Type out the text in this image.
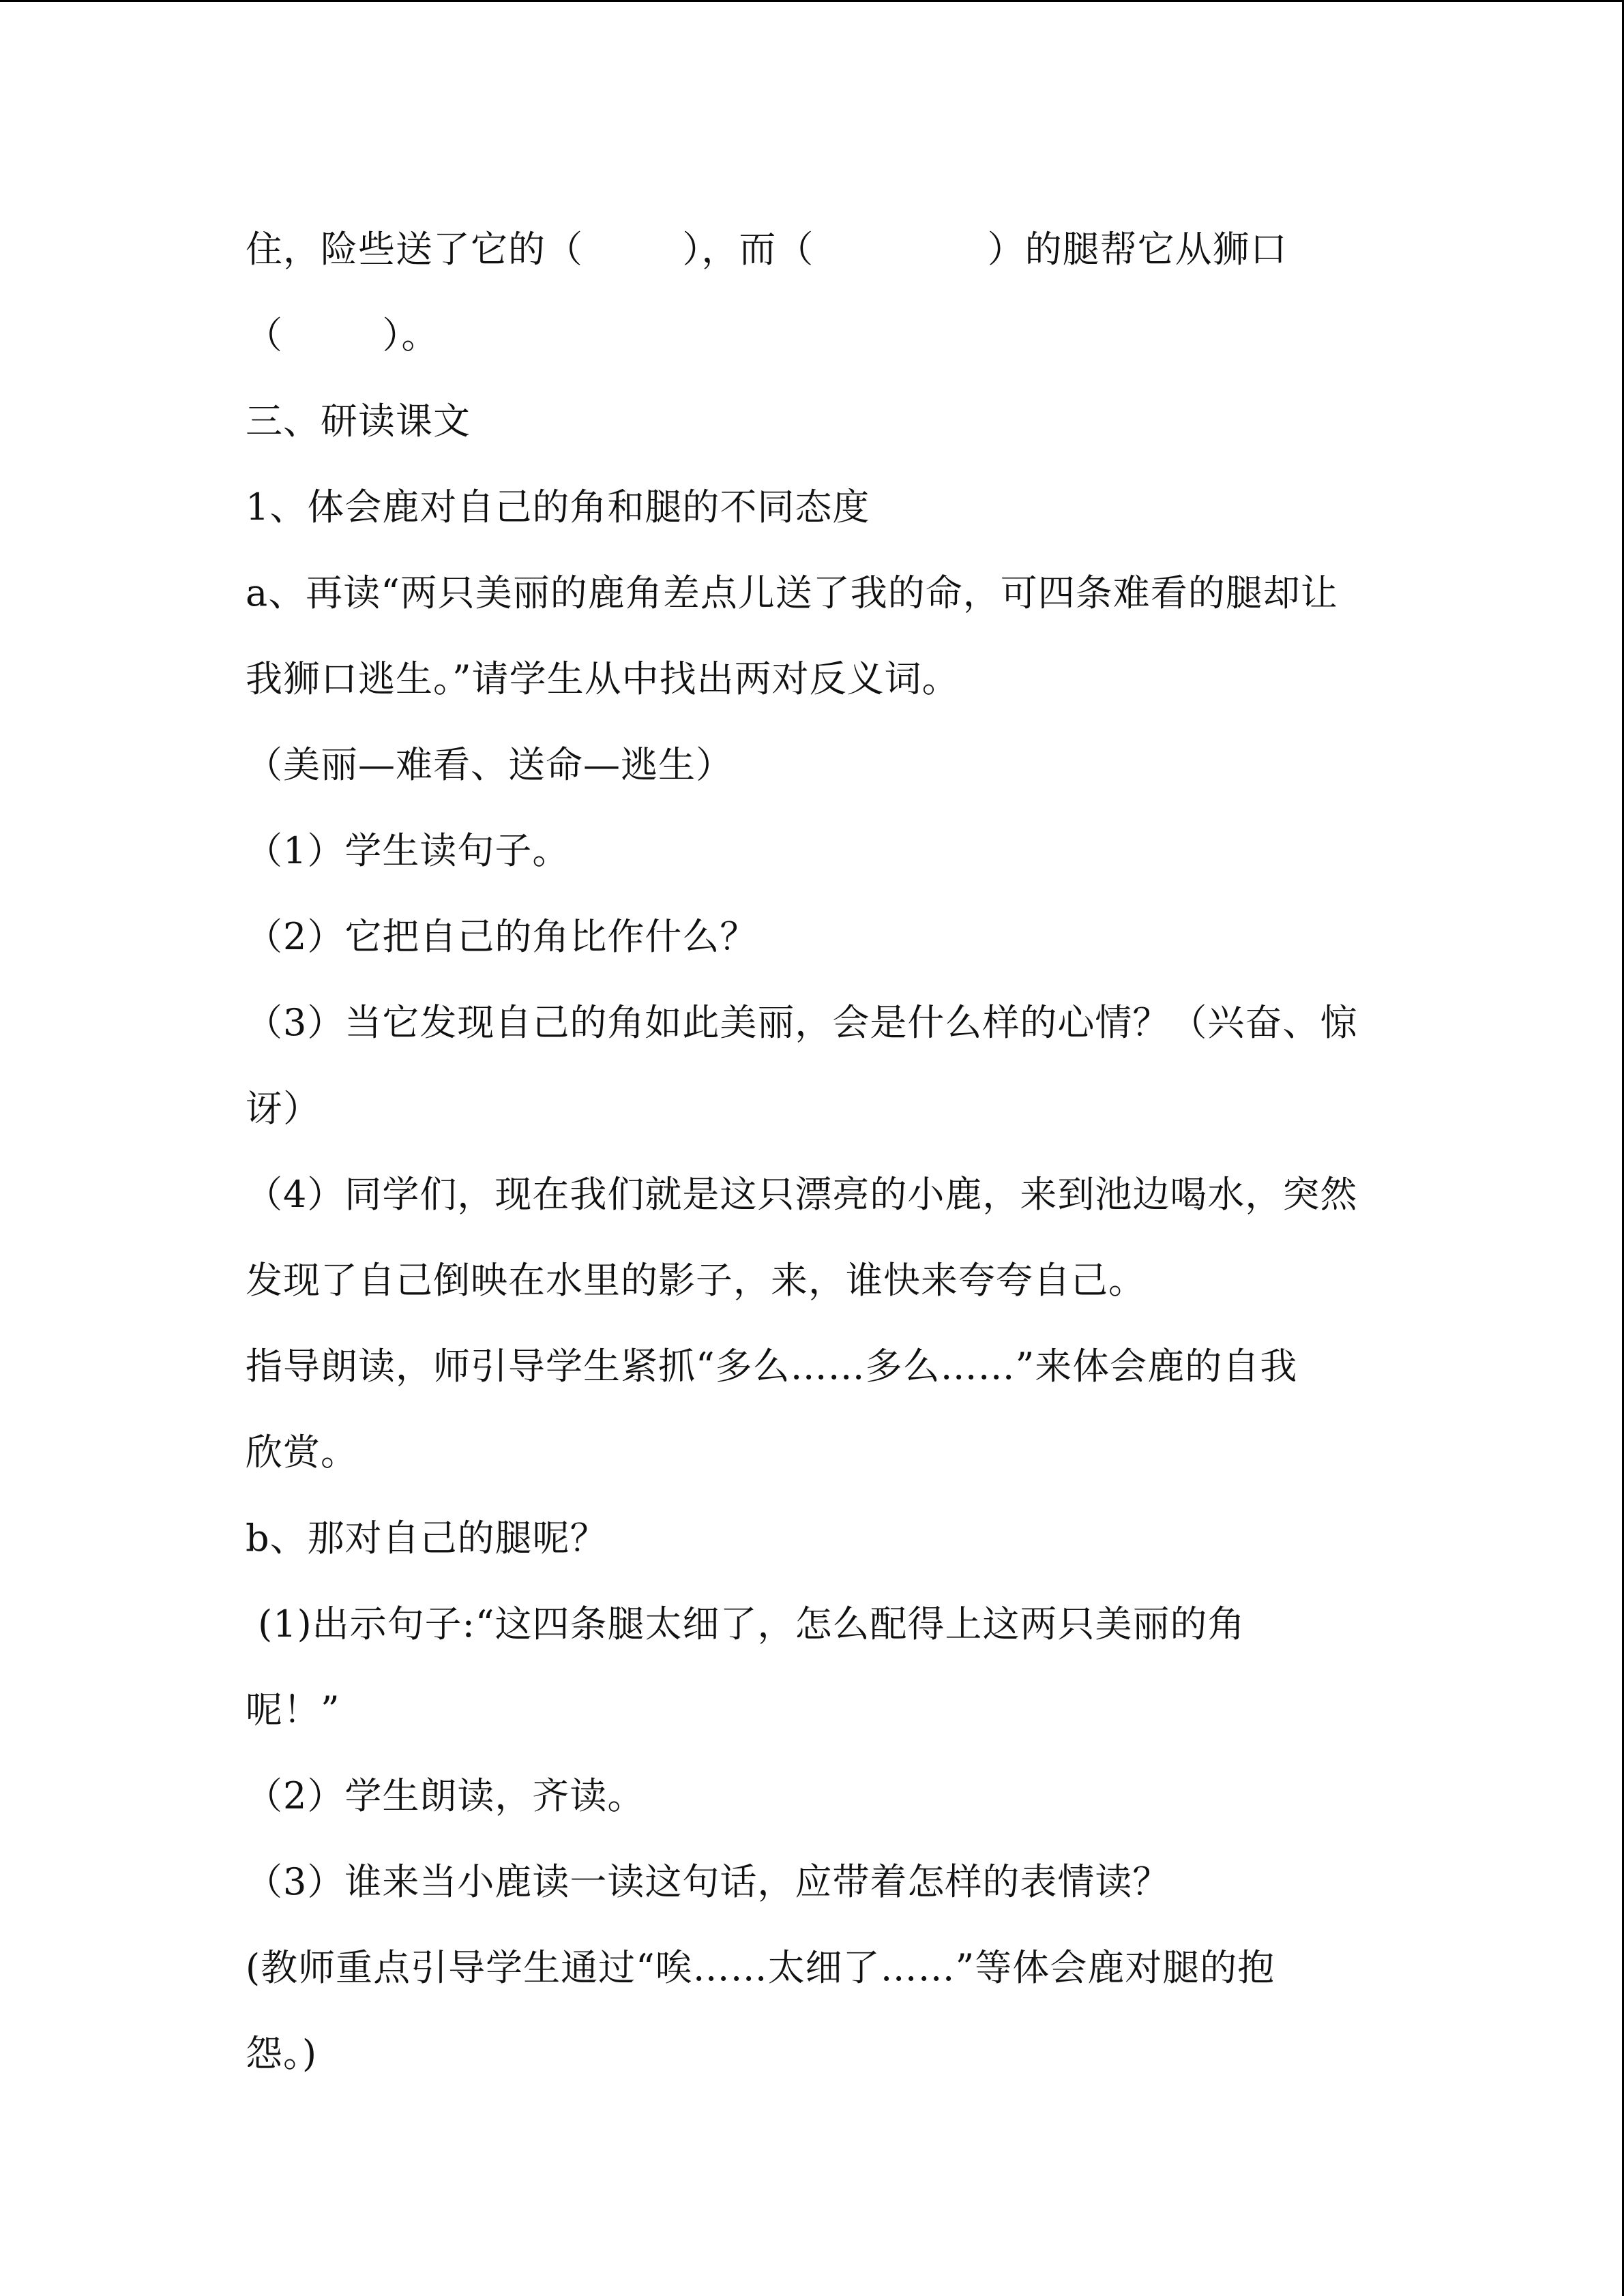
住，险些送了它的（        ），而（              ）的腿帮它从狮口
（        ）。
三、研读课文
1、体会鹿对自己的角和腿的不同态度
a、再读“两只美丽的鹿角差点儿送了我的命，可四条难看的腿却让
我狮口逃生。”请学生从中找出两对反义词。
（美丽—难看、送命—逃生）
（1）学生读句子。
（2）它把自己的角比作什么？
（3）当它发现自己的角如此美丽，会是什么样的心情？（兴奋、惊
讶）
（4）同学们，现在我们就是这只漂亮的小鹿，来到池边喝水，突然
发现了自己倒映在水里的影子，来，谁快来夸夸自己。
指导朗读，师引导学生紧抓“多么……多么……”来体会鹿的自我
欣赏。
b、那对自己的腿呢？
(1)出示句子:“这四条腿太细了，怎么配得上这两只美丽的角
呢！”
（2）学生朗读，齐读。
（3）谁来当小鹿读一读这句话，应带着怎样的表情读？
(教师重点引导学生通过“唉……太细了……”等体会鹿对腿的抱
怨。)
